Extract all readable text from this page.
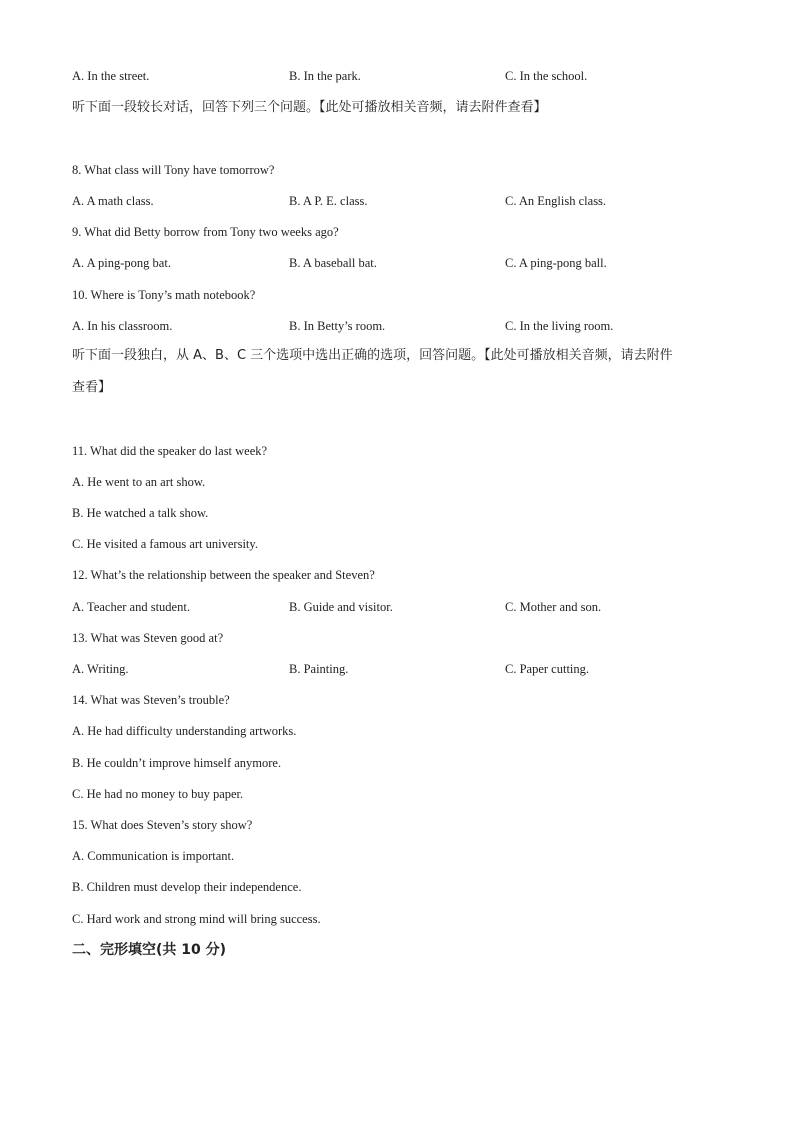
A. In the street.	B. In the park.	C. In the school.
听下面一段较长对话，回答下列三个问题。【此处可播放相关音频，请去附件查看】
8. What class will Tony have tomorrow?
A. A math class.	B. A P. E. class.	C. An English class.
9. What did Betty borrow from Tony two weeks ago?
A. A ping-pong bat.	B. A baseball bat.	C. A ping-pong ball.
10. Where is Tony’s math notebook?
A. In his classroom.	B. In Betty’s room.	C. In the living room.
听下面一段独白，从 A、B、C 三个选项中选出正确的选项，回答问题。【此处可播放相关音频，请去附件
查看】
11. What did the speaker do last week?
A. He went to an art show.
B. He watched a talk show.
C. He visited a famous art university.
12. What’s the relationship between the speaker and Steven?
A. Teacher and student.	B. Guide and visitor.	C. Mother and son.
13. What was Steven good at?
A. Writing.	B. Painting.	C. Paper cutting.
14. What was Steven’s trouble?
A. He had difficulty understanding artworks.
B. He couldn’t improve himself anymore.
C. He had no money to buy paper.
15. What does Steven’s story show?
A. Communication is important.
B. Children must develop their independence.
C. Hard work and strong mind will bring success.
二、完形填空(共 10 分)
